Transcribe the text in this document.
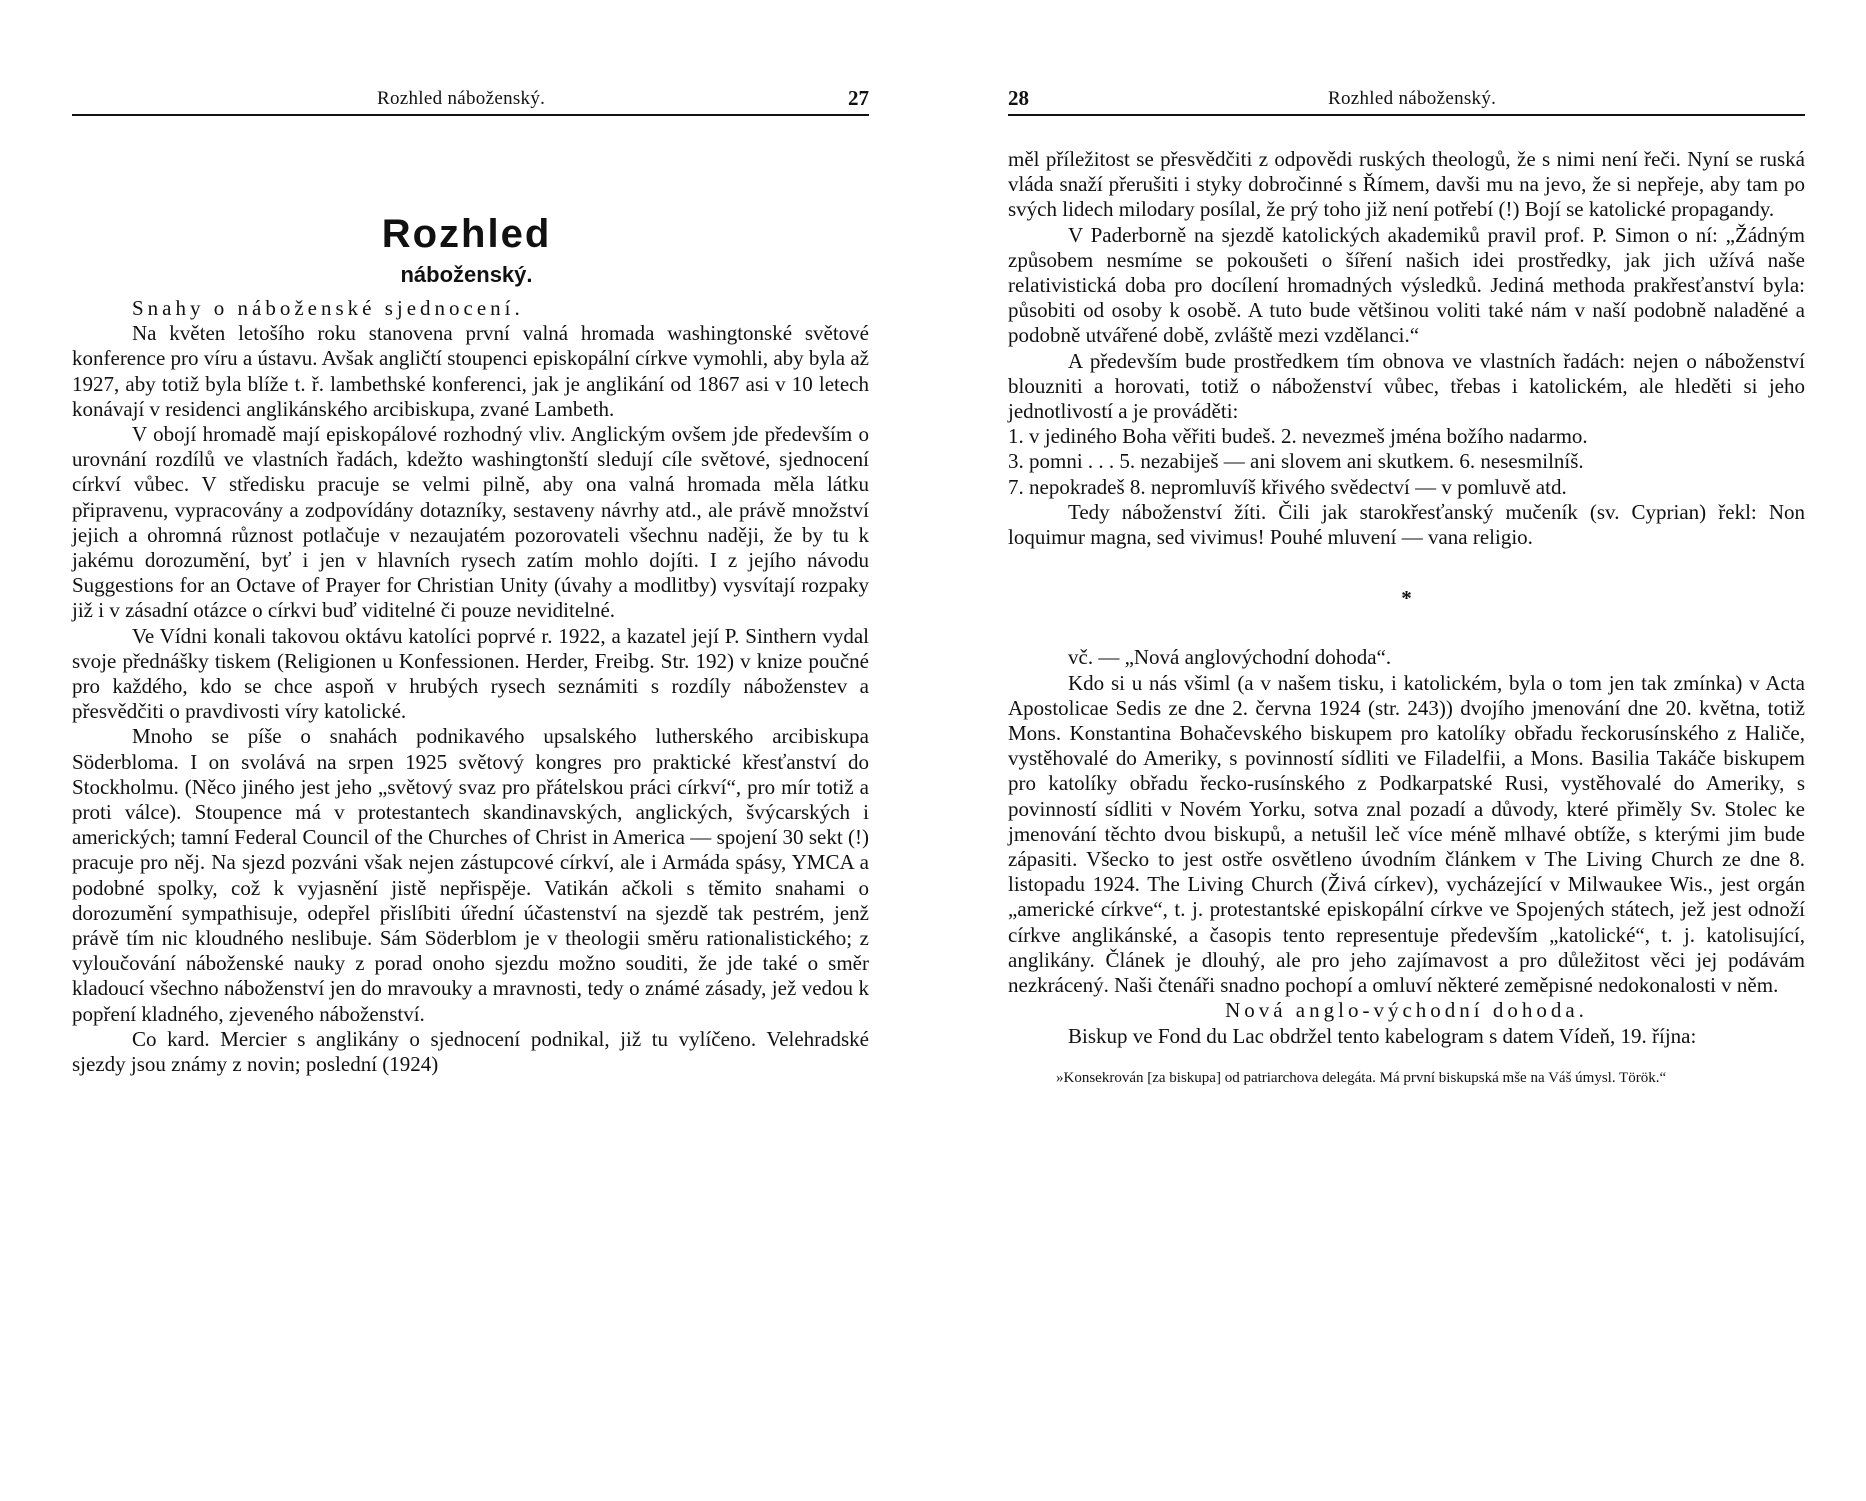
Rozhled náboženský.	27
Rozhled
náboženský.

Snahy o náboženské sjednocení.

Na květen letošího roku stanovena první valná hromada washingtonské světové konference pro víru a ústavu. Avšak angličtí stoupenci episkopální církve vymohli, aby byla až 1927, aby totiž byla blíže t. ř. lambethské konferenci, jak je anglikání od 1867 asi v 10 letech konávají v residenci anglikánského arcibiskupa, zvané Lambeth.

V obojí hromadě mají episkopálové rozhodný vliv. Anglickým ovšem jde především o urovnání rozdílů ve vlastních řadách, kdežto washingtonští sledují cíle světové, sjednocení církví vůbec. V středisku pracuje se velmi pilně, aby ona valná hromada měla látku připravenu, vypracovány a zodpovídány dotazníky, sestaveny návrhy atd., ale právě množství jejich a ohromná různost potlačuje v nezaujatém pozorovateli všechnu naději, že by tu k jakému dorozumění, byť i jen v hlavních rysech zatím mohlo dojíti. I z jejího návodu Suggestions for an Octave of Prayer for Christian Unity (úvahy a modlitby) vysvítají rozpaky již i v zásadní otázce o církvi buď viditelné či pouze neviditelné.

Ve Vídni konali takovou oktávu katolíci poprvé r. 1922, a kazatel její P. Sinthern vydal svoje přednášky tiskem (Religionen u Konfessionen. Herder, Freibg. Str. 192) v knize poučné pro každého, kdo se chce aspoň v hrubých rysech seznámiti s rozdíly náboženstev a přesvědčiti o pravdivosti víry katolické.

Mnoho se píše o snahách podnikavého upsalského lutherského arcibiskupa Söderbloma. I on svolává na srpen 1925 světový kongres pro praktické křesťanství do Stockholmu. (Něco jiného jest jeho „světový svaz pro přátelskou práci církví“, pro mír totiž a proti válce). Stoupence má v protestantech skandinavských, anglických, švýcarských i amerických; tamní Federal Council of the Churches of Christ in America — spojení 30 sekt (!) pracuje pro něj. Na sjezd pozváni však nejen zástupcové církví, ale i Armáda spásy, YMCA a podobné spolky, což k vyjasnění jistě nepřispěje. Vatikán ačkoli s těmito snahami o dorozumění sympathisuje, odepřel přislíbiti úřední účastenství na sjezdě tak pestrém, jenž právě tím nic kloudného neslibuje. Sám Söderblom je v theologii směru rationalistického; z vyloučování náboženské nauky z porad onoho sjezdu možno souditi, že jde také o směr kladoucí všechno náboženství jen do mravouky a mravnosti, tedy o známé zásady, jež vedou k popření kladného, zjeveného náboženství.

Co kard. Mercier s anglikány o sjednocení podnikal, již tu vylíčeno. Velehradské sjezdy jsou známy z novin; poslední (1924)

28	Rozhled náboženský.

měl příležitost se přesvědčiti z odpovědi ruských theologů, že s nimi není řeči. Nyní se ruská vláda snaží přerušiti i styky dobročinné s Římem, davši mu na jevo, že si nepřeje, aby tam po svých lidech milodary posílal, že prý toho již není potřebí (!) Bojí se katolické propagandy.

V Paderborně na sjezdě katolických akademiků pravil prof. P. Simon o ní: „Žádným způsobem nesmíme se pokoušeti o šíření našich idei prostředky, jak jich užívá naše relativistická doba pro docílení hromadných výsledků. Jediná methoda prakřesťanství byla: působiti od osoby k osobě. A tuto bude většinou voliti také nám v naší podobně naladěné a podobně utvářené době, zvláště mezi vzdělanci.“

A především bude prostředkem tím obnova ve vlastních řadách: nejen o náboženství blouzniti a horovati, totiž o náboženství vůbec, třebas i katolickém, ale hleděti si jeho jednotlivostí a je prováděti:

1. v jediného Boha věřiti budeš. 2. nevezmeš jména božího nadarmo.

3. pomni . . . 5. nezabiješ — ani slovem ani skutkem. 6. nesesmilníš.

7. nepokradeš 8. nepromluvíš křivého svědectví — v pomluvě atd.

Tedy náboženství žíti. Čili jak starokřesťanský mučeník (sv. Cyprian) řekl: Non loquimur magna, sed vivimus! Pouhé mluvení — vana religio.

*

vč. — „Nová anglovýchodní dohoda“.

Kdo si u nás všiml (a v našem tisku, i katolickém, byla o tom jen tak zmínka) v Acta Apostolicae Sedis ze dne 2. června 1924 (str. 243)) dvojího jmenování dne 20. května, totiž Mons. Konstantina Bohačevského biskupem pro katolíky obřadu řeckorusínského z Haliče, vystěhovalé do Ameriky, s povinností sídliti ve Filadelfii, a Mons. Basilia Takáče biskupem pro katolíky obřadu řecko-rusínského z Podkarpatské Rusi, vystěhovalé do Ameriky, s povinností sídliti v Novém Yorku, sotva znal pozadí a důvody, které přiměly Sv. Stolec ke jmenování těchto dvou biskupů, a netušil leč více méně mlhavé obtíže, s kterými jim bude zápasiti. Všecko to jest ostře osvětleno úvodním článkem v The Living Church ze dne 8. listopadu 1924. The Living Church (Živá církev), vycházející v Milwaukee Wis., jest orgán „americké církve“, t. j. protestantské episkopální církve ve Spojených státech, jež jest odnoží církve anglikánské, a časopis tento representuje především „katolické“, t. j. katolisující, anglikány. Článek je dlouhý, ale pro jeho zajímavost a pro důležitost věci jej podávám nezkrácený. Naši čtenáři snadno pochopí a omluví některé zeměpisné nedokonalosti v něm.

Nová anglo-východní dohoda.

Biskup ve Fond du Lac obdržel tento kabelogram s datem Vídeň, 19. října:

»Konsekrován [za biskupa] od patriarchova delegáta. Má první biskupská mše na Váš úmysl. Török.“
